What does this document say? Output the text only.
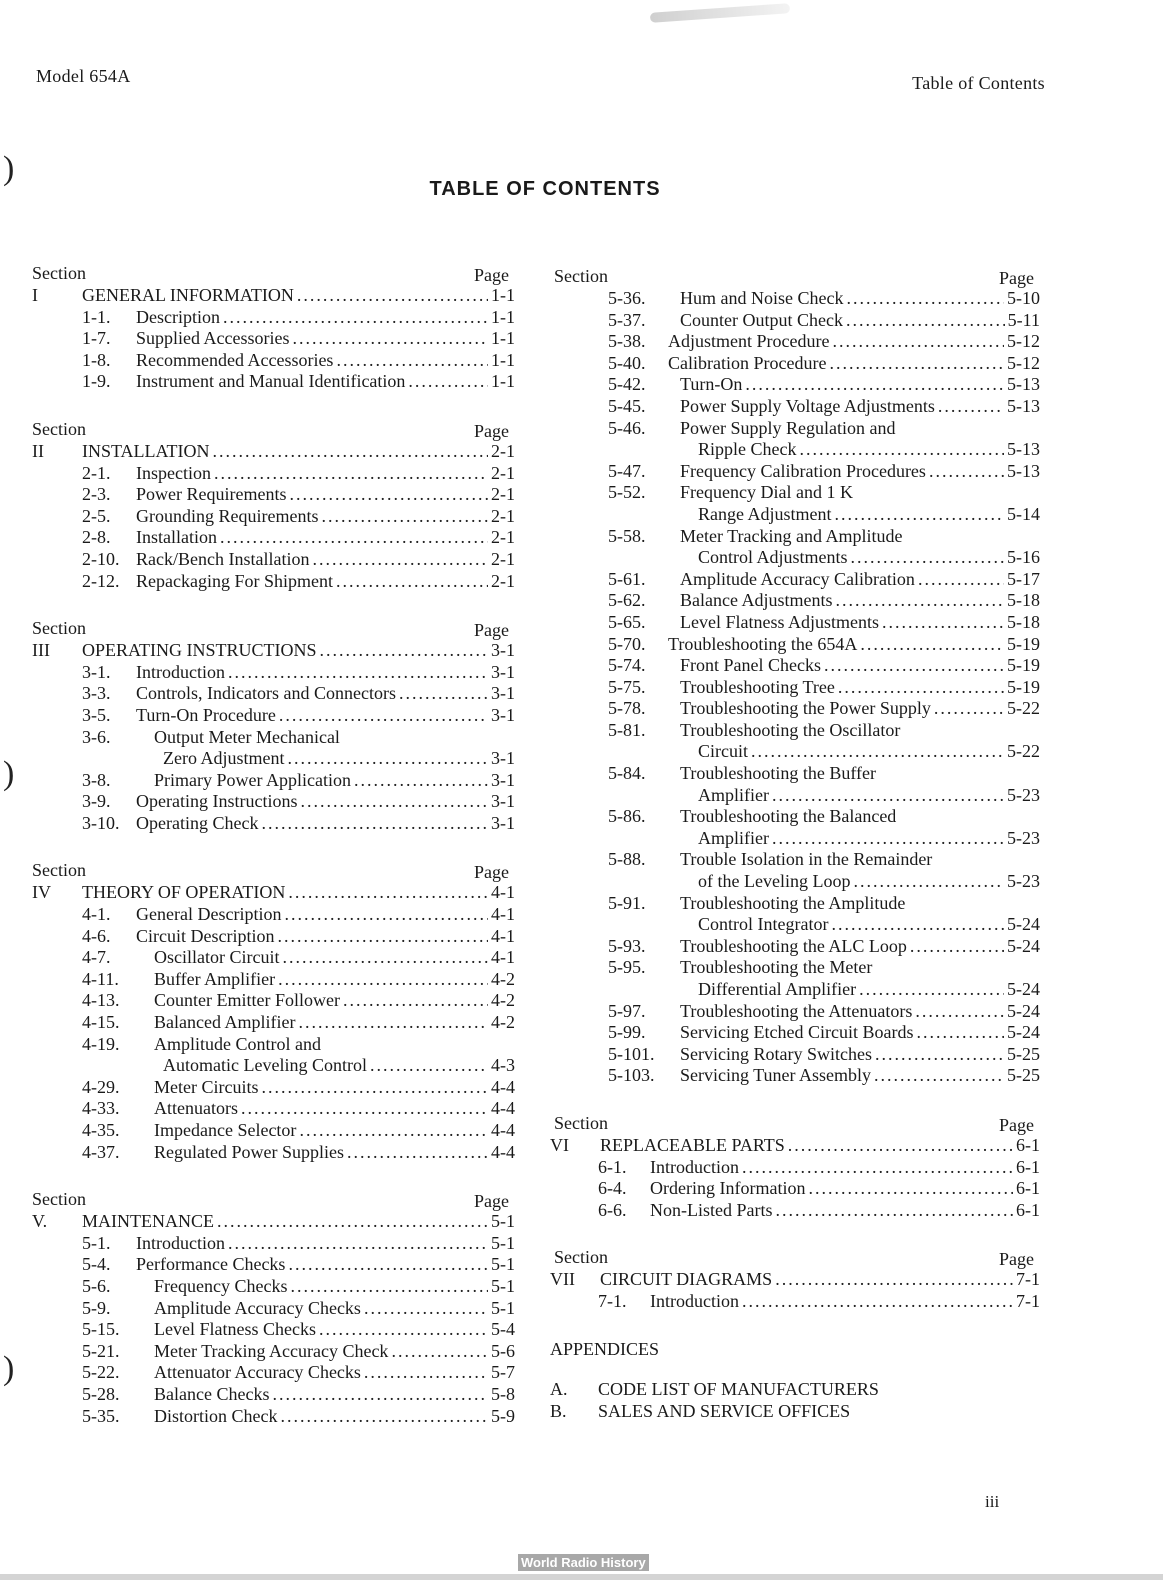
Model 654A	Table of Contents
TABLE OF CONTENTS
)
)
)
Section	Page
I	GENERAL INFORMATION .....	1-1
1-1.	Description .....	1-1
1-7.	Supplied Accessories .....	1-1
1-8.	Recommended Accessories .....	1-1
1-9.	Instrument and Manual Identification .....	1-1
Section	Page
II	INSTALLATION .....	2-1
2-1.	Inspection .....	2-1
2-3.	Power Requirements .....	2-1
2-5.	Grounding Requirements .....	2-1
2-8.	Installation .....	2-1
2-10. Rack/Bench Installation .....	2-1
2-12. Repackaging For Shipment .....	2-1
Section	Page
III	OPERATING INSTRUCTIONS .....	3-1
3-1.	Introduction .....	3-1
3-3.	Controls, Indicators and Connectors .....	3-1
3-5.	Turn-On Procedure .....	3-1
3-6.	Output Meter Mechanical
Zero Adjustment .....	3-1
3-8.	Primary Power Application .....	3-1
3-9.	Operating Instructions .....	3-1
3-10. Operating Check .....	3-1
Section	Page
IV	THEORY OF OPERATION .....	4-1
4-1.	General Description .....	4-1
4-6.	Circuit Description .....	4-1
4-7.	Oscillator Circuit .....	4-1
4-11.	Buffer Amplifier .....	4-2
4-13.	Counter Emitter Follower .....	4-2
4-15.	Balanced Amplifier .....	4-2
4-19.	Amplitude Control and
Automatic Leveling Control .....	4-3
4-29.	Meter Circuits .....	4-4
4-33.	Attenuators .....	4-4
4-35.	Impedance Selector .....	4-4
4-37.	Regulated Power Supplies .....	4-4
Section	Page
V.	MAINTENANCE .....	5-1
5-1.	Introduction .....	5-1
5-4.	Performance Checks .....	5-1
5-6.	Frequency Checks .....	5-1
5-9.	Amplitude Accuracy Checks .....	5-1
5-15.	Level Flatness Checks .....	5-4
5-21.	Meter Tracking Accuracy Check .....	5-6
5-22.	Attenuator Accuracy Checks .....	5-7
5-28.	Balance Checks .....	5-8
5-35.	Distortion Check .....	5-9
Section	Page
5-36.	Hum and Noise Check .....	5-10
5-37.	Counter Output Check .....	5-11
5-38.	Adjustment Procedure .....	5-12
5-40.	Calibration Procedure .....	5-12
5-42.	Turn-On .....	5-13
5-45.	Power Supply Voltage Adjustments .....	5-13
5-46.	Power Supply Regulation and
Ripple Check .....	5-13
5-47.	Frequency Calibration Procedures .....	5-13
5-52.	Frequency Dial and 1 K
Range Adjustment .....	5-14
5-58.	Meter Tracking and Amplitude
Control Adjustments .....	5-16
5-61.	Amplitude Accuracy Calibration .....	5-17
5-62.	Balance Adjustments .....	5-18
5-65.	Level Flatness Adjustments .....	5-18
5-70.	Troubleshooting the 654A .....	5-19
5-74.	Front Panel Checks .....	5-19
5-75.	Troubleshooting Tree .....	5-19
5-78.	Troubleshooting the Power Supply .....	5-22
5-81.	Troubleshooting the Oscillator
Circuit .....	5-22
5-84.	Troubleshooting the Buffer
Amplifier .....	5-23
5-86.	Troubleshooting the Balanced
Amplifier .....	5-23
5-88.	Trouble Isolation in the Remainder
of the Leveling Loop .....	5-23
5-91.	Troubleshooting the Amplitude
Control Integrator .....	5-24
5-93.	Troubleshooting the ALC Loop .....	5-24
5-95.	Troubleshooting the Meter
Differential Amplifier .....	5-24
5-97.	Troubleshooting the Attenuators .....	5-24
5-99.	Servicing Etched Circuit Boards .....	5-24
5-101.	Servicing Rotary Switches .....	5-25
5-103.	Servicing Tuner Assembly .....	5-25
Section	Page
VI	REPLACEABLE PARTS .....	6-1
6-1.	Introduction .....	6-1
6-4.	Ordering Information .....	6-1
6-6.	Non-Listed Parts .....	6-1
Section	Page
VII	CIRCUIT DIAGRAMS .....	7-1
7-1.	Introduction .....	7-1
APPENDICES
A. CODE LIST OF MANUFACTURERS
B. SALES AND SERVICE OFFICES
iii
World Radio History
